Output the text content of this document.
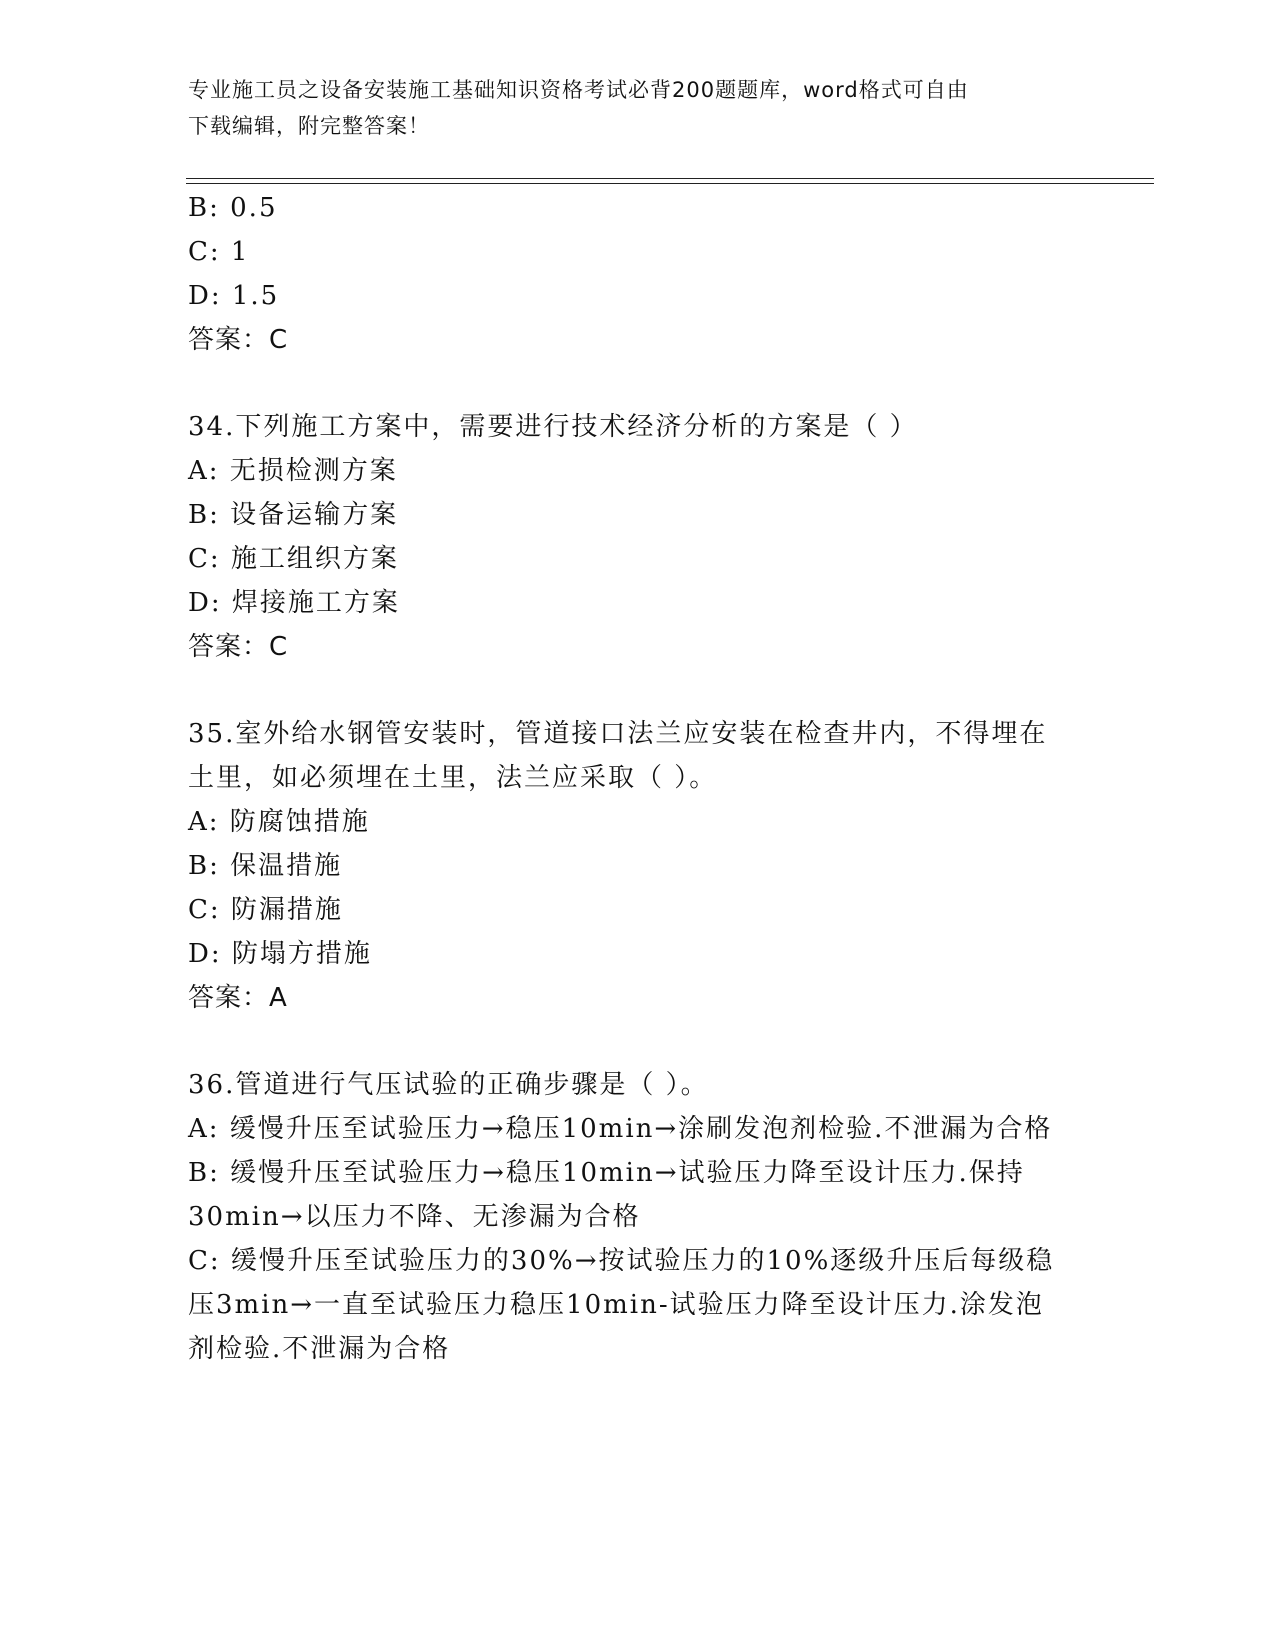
专业施工员之设备安装施工基础知识资格考试必背200题题库，word格式可自由
下载编辑，附完整答案！
B: 0.5
C: 1
D: 1.5
答案：C
34.下列施工方案中，需要进行技术经济分析的方案是（ ）
A: 无损检测方案
B: 设备运输方案
C: 施工组织方案
D: 焊接施工方案
答案：C
35.室外给水钢管安装时，管道接口法兰应安装在检查井内，不得埋在
土里，如必须埋在土里，法兰应采取（ ）。
A: 防腐蚀措施
B: 保温措施
C: 防漏措施
D: 防塌方措施
答案：A
36.管道进行气压试验的正确步骤是（ ）。
A: 缓慢升压至试验压力→稳压10min→涂刷发泡剂检验.不泄漏为合格
B: 缓慢升压至试验压力→稳压10min→试验压力降至设计压力.保持
30min→以压力不降、无渗漏为合格
C: 缓慢升压至试验压力的30%→按试验压力的10%逐级升压后每级稳
压3min→一直至试验压力稳压10min-试验压力降至设计压力.涂发泡
剂检验.不泄漏为合格
